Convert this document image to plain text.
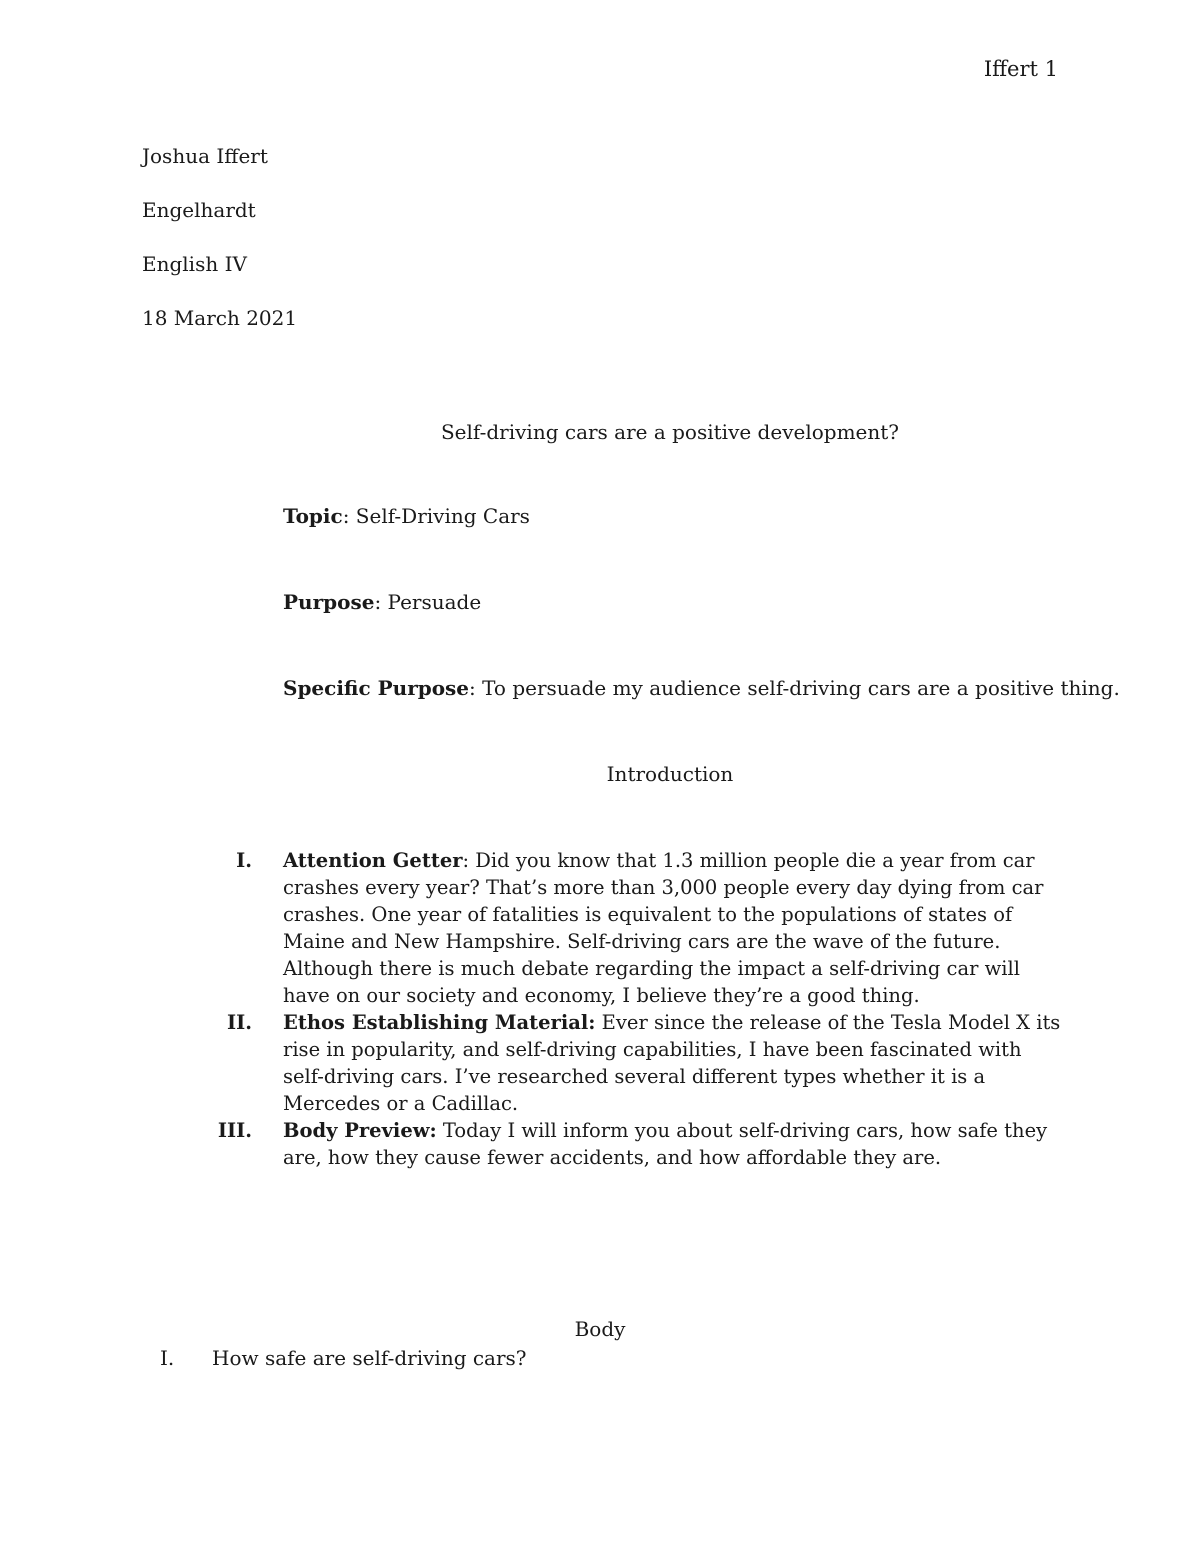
Iffert 1

Joshua Iffert

Engelhardt

English IV

18 March 2021

Self-driving cars are a positive development?

Topic: Self-Driving Cars

Purpose: Persuade

Specific Purpose: To persuade my audience self-driving cars are a positive thing.

Introduction

I.	Attention Getter: Did you know that 1.3 million people die a year from car crashes every year? That’s more than 3,000 people every day dying from car crashes. One year of fatalities is equivalent to the populations of states of Maine and New Hampshire. Self-driving cars are the wave of the future. Although there is much debate regarding the impact a self-driving car will have on our society and economy, I believe they’re a good thing.
II.	Ethos Establishing Material: Ever since the release of the Tesla Model X its rise in popularity, and self-driving capabilities, I have been fascinated with self-driving cars. I’ve researched several different types whether it is a Mercedes or a Cadillac.
III.	Body Preview: Today I will inform you about self-driving cars, how safe they are, how they cause fewer accidents, and how affordable they are.

Body

I.	How safe are self-driving cars?
